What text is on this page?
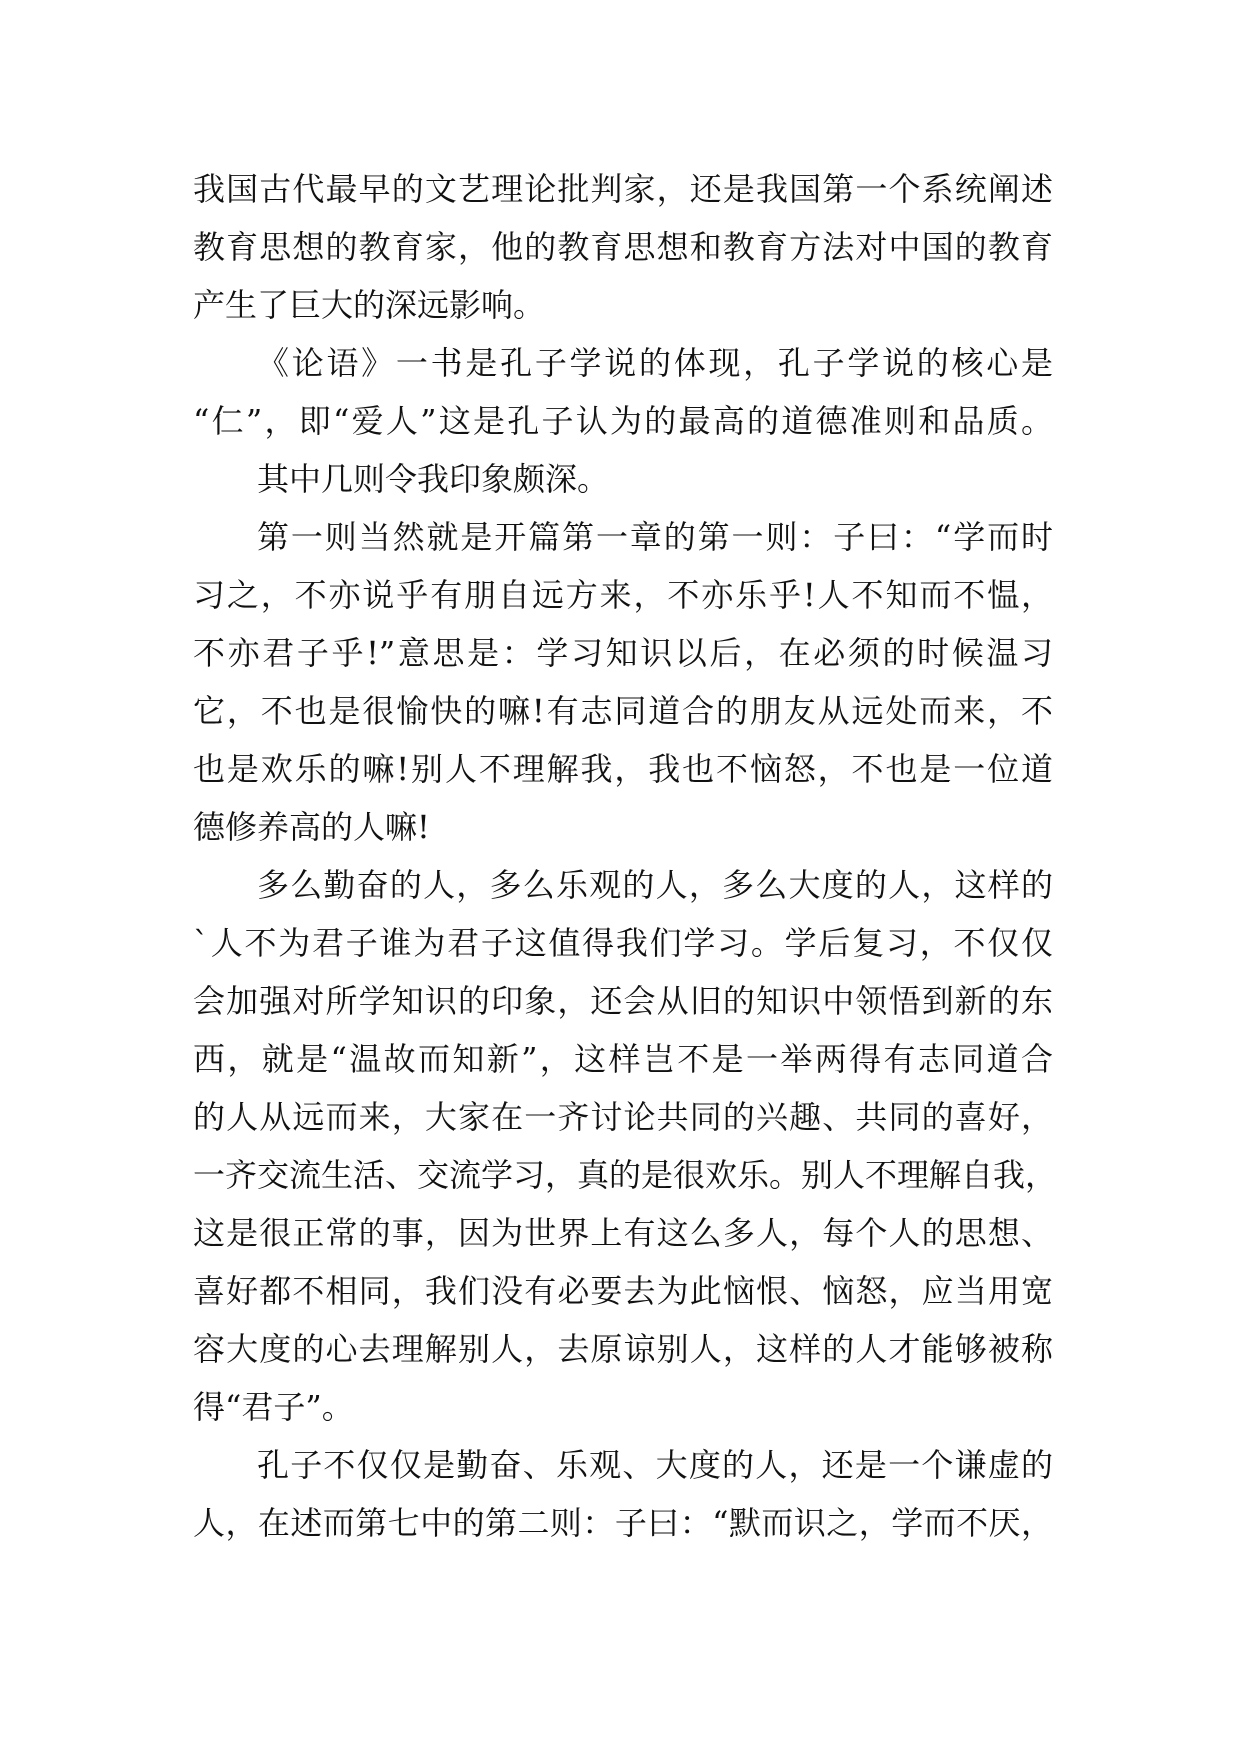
我国古代最早的文艺理论批判家，还是我国第一个系统阐述
教育思想的教育家，他的教育思想和教育方法对中国的教育
产生了巨大的深远影响。
《论语》一书是孔子学说的体现，孔子学说的核心是
“仁”，即“爱人”这是孔子认为的最高的道德准则和品质。
其中几则令我印象颇深。
第一则当然就是开篇第一章的第一则：子曰：“学而时
习之，不亦说乎有朋自远方来，不亦乐乎!人不知而不愠，
不亦君子乎!”意思是：学习知识以后，在必须的时候温习
它，不也是很愉快的嘛!有志同道合的朋友从远处而来，不
也是欢乐的嘛!别人不理解我，我也不恼怒，不也是一位道
德修养高的人嘛!
多么勤奋的人，多么乐观的人，多么大度的人，这样的
`人不为君子谁为君子这值得我们学习。学后复习，不仅仅
会加强对所学知识的印象，还会从旧的知识中领悟到新的东
西，就是“温故而知新”，这样岂不是一举两得有志同道合
的人从远而来，大家在一齐讨论共同的兴趣、共同的喜好，
一齐交流生活、交流学习，真的是很欢乐。别人不理解自我，
这是很正常的事，因为世界上有这么多人，每个人的思想、
喜好都不相同，我们没有必要去为此恼恨、恼怒，应当用宽
容大度的心去理解别人，去原谅别人，这样的人才能够被称
得“君子”。
孔子不仅仅是勤奋、乐观、大度的人，还是一个谦虚的
人，在述而第七中的第二则：子曰：“默而识之，学而不厌，
